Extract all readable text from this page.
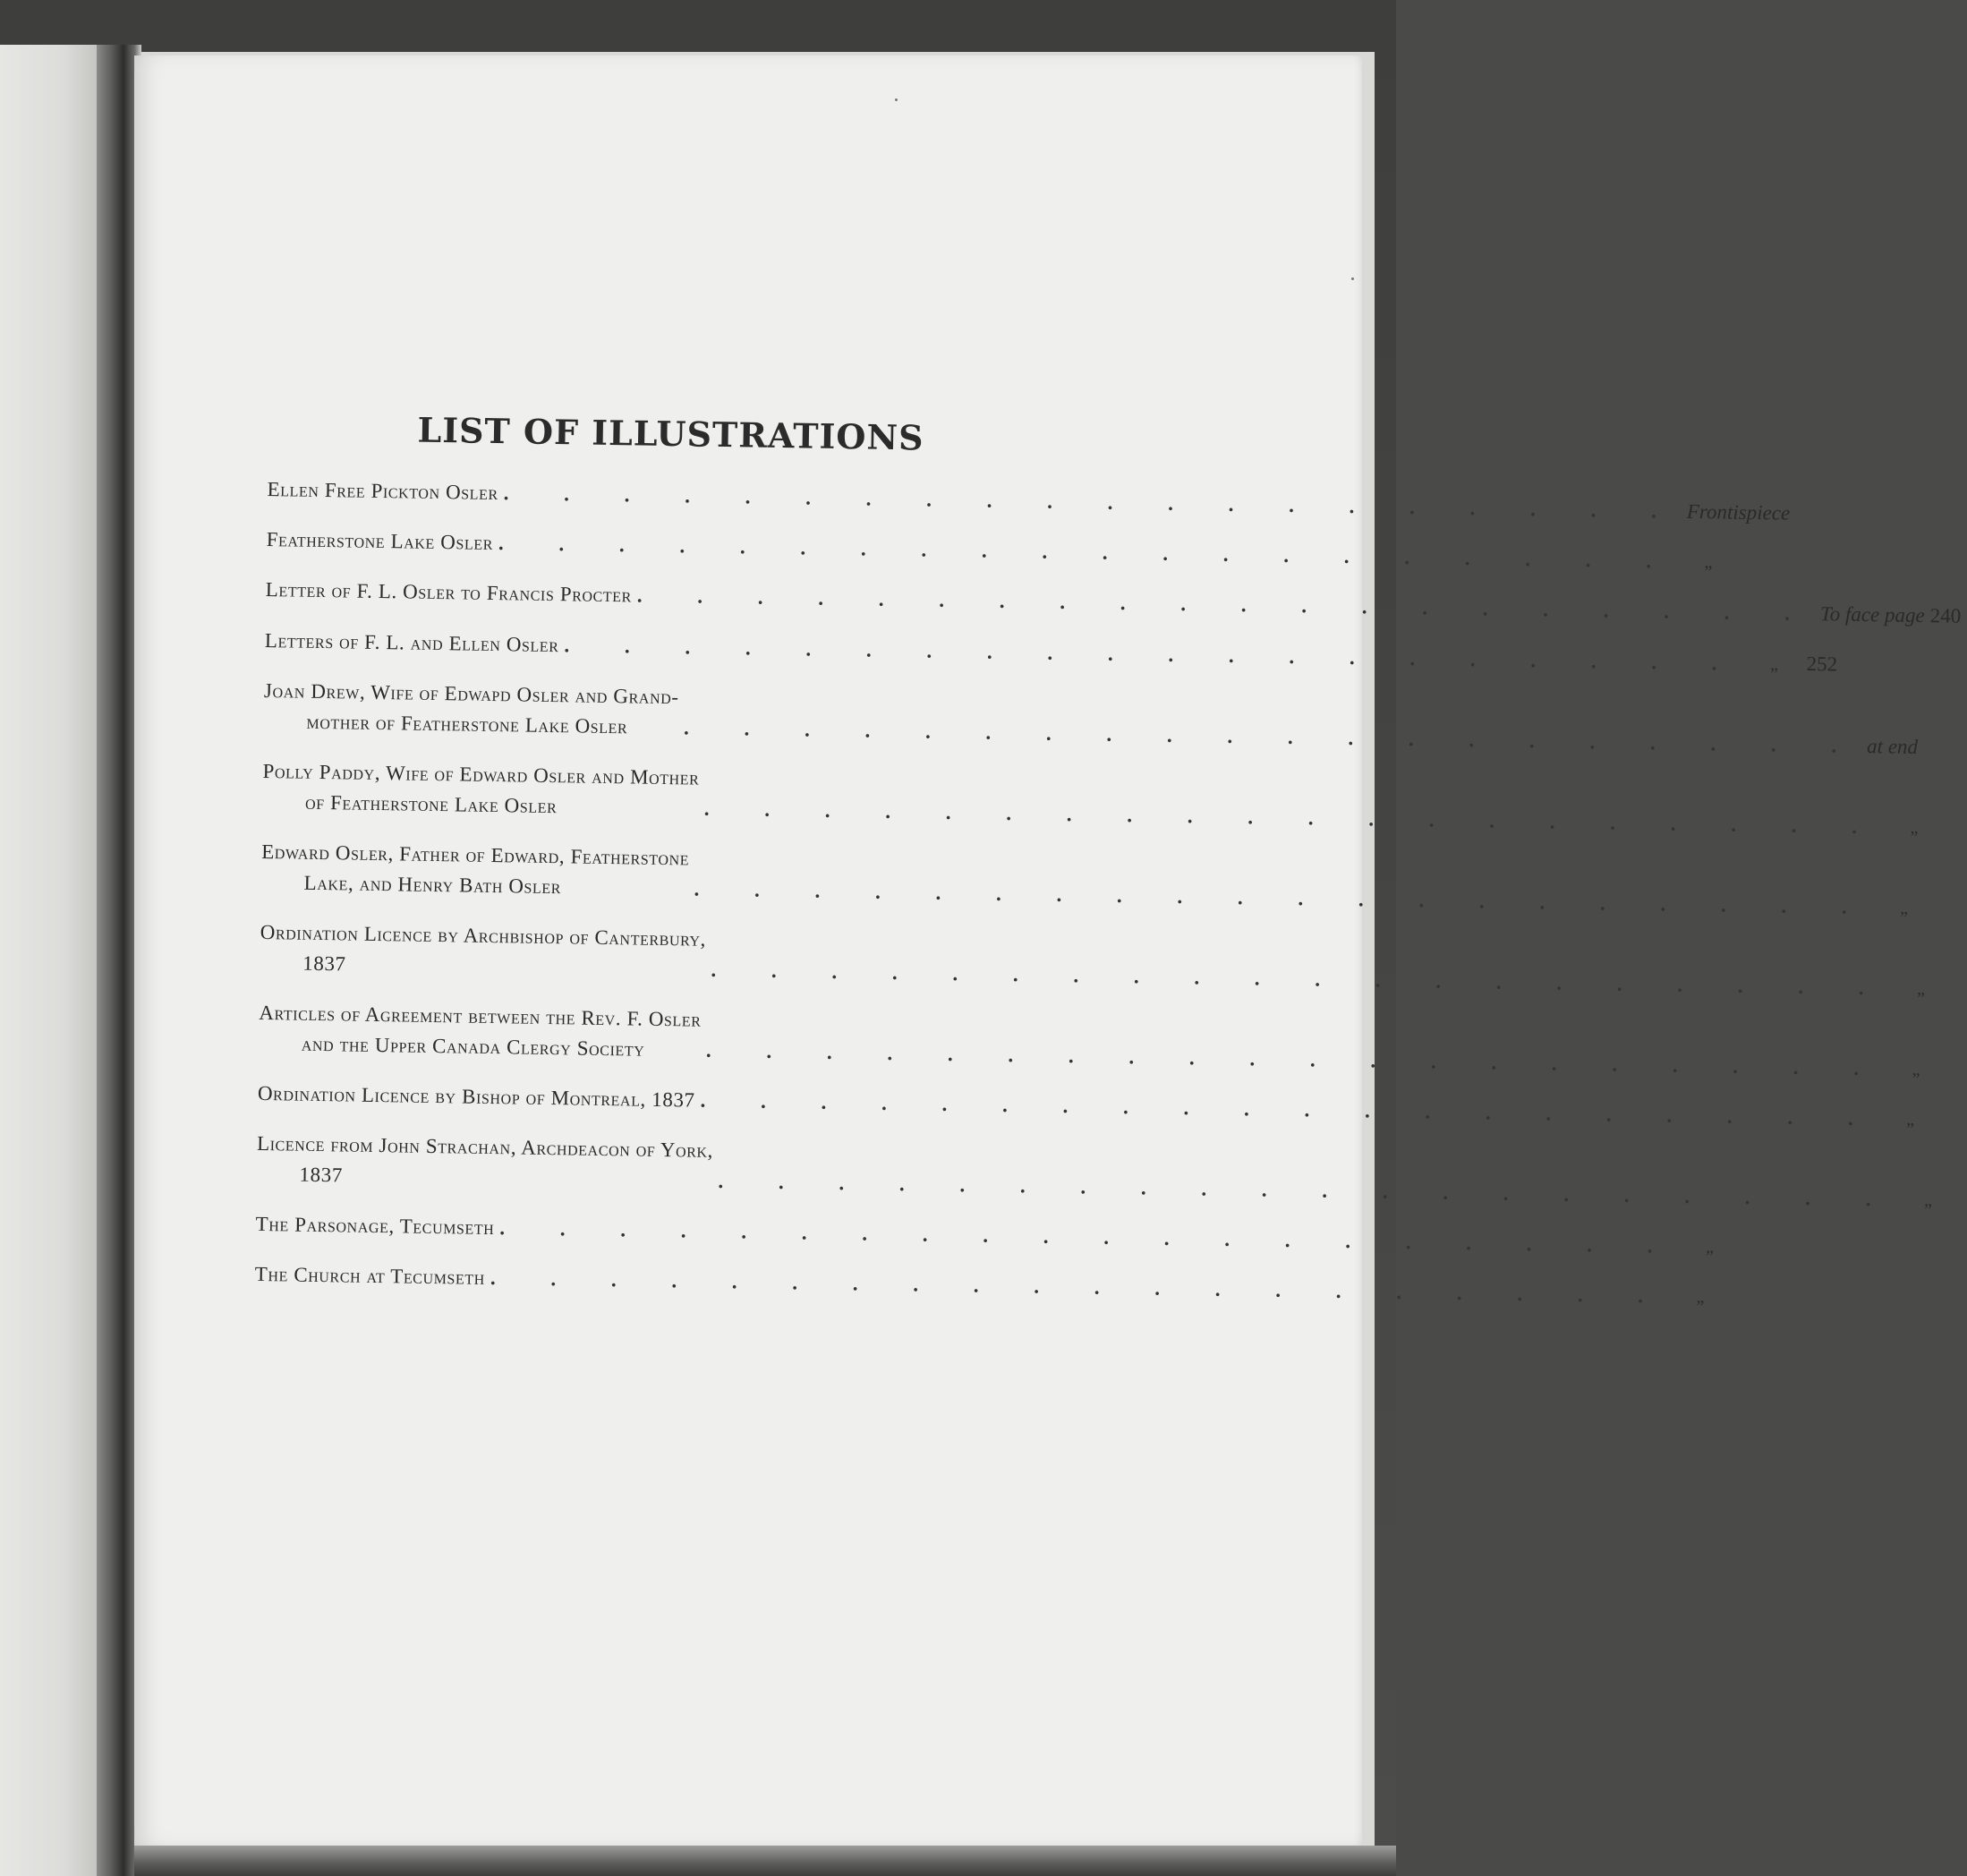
LIST OF ILLUSTRATIONS
Ellen Free Pickton Osler . . . . . . . . . . . . . . . . . . . . Frontispiece
Featherstone Lake Osler . . . . . . . . . . . . . . . . . . . .	„
Letter of F. L. Osler to Francis Procter . . . . . . . . . . . . . . . . . . . . To face page 240
Letters of F. L. and Ellen Osler . . . . . . . . . . . . . . . . . . . .	„ 252
Joan Drew, Wife of Edwapd Osler and Grand-
mother of Featherstone Lake Osler	. . . . . . . . . . . . . . . . . . . . at end
Polly Paddy, Wife of Edward Osler and Mother
of Featherstone Lake Osler	. . . . . . . . . . . . . . . . . . . .	„
Edward Osler, Father of Edward, Featherstone
Lake, and Henry Bath Osler	. . . . . . . . . . . . . . . . . . . .	„
Ordination Licence by Archbishop of Canterbury,
1837	. . . . . . . . . . . . . . . . . . . .	„
Articles of Agreement between the Rev. F. Osler
and the Upper Canada Clergy Society	. . . . . . . . . . . . . . . . . . . .	„
Ordination Licence by Bishop of Montreal, 1837 . . . . . . . . . . . . . . . . . . . .	„
Licence from John Strachan, Archdeacon of York,
1837	. . . . . . . . . . . . . . . . . . . .	„
The Parsonage, Tecumseth . . . . . . . . . . . . . . . . . . . .	„
The Church at Tecumseth . . . . . . . . . . . . . . . . . . . .	„
